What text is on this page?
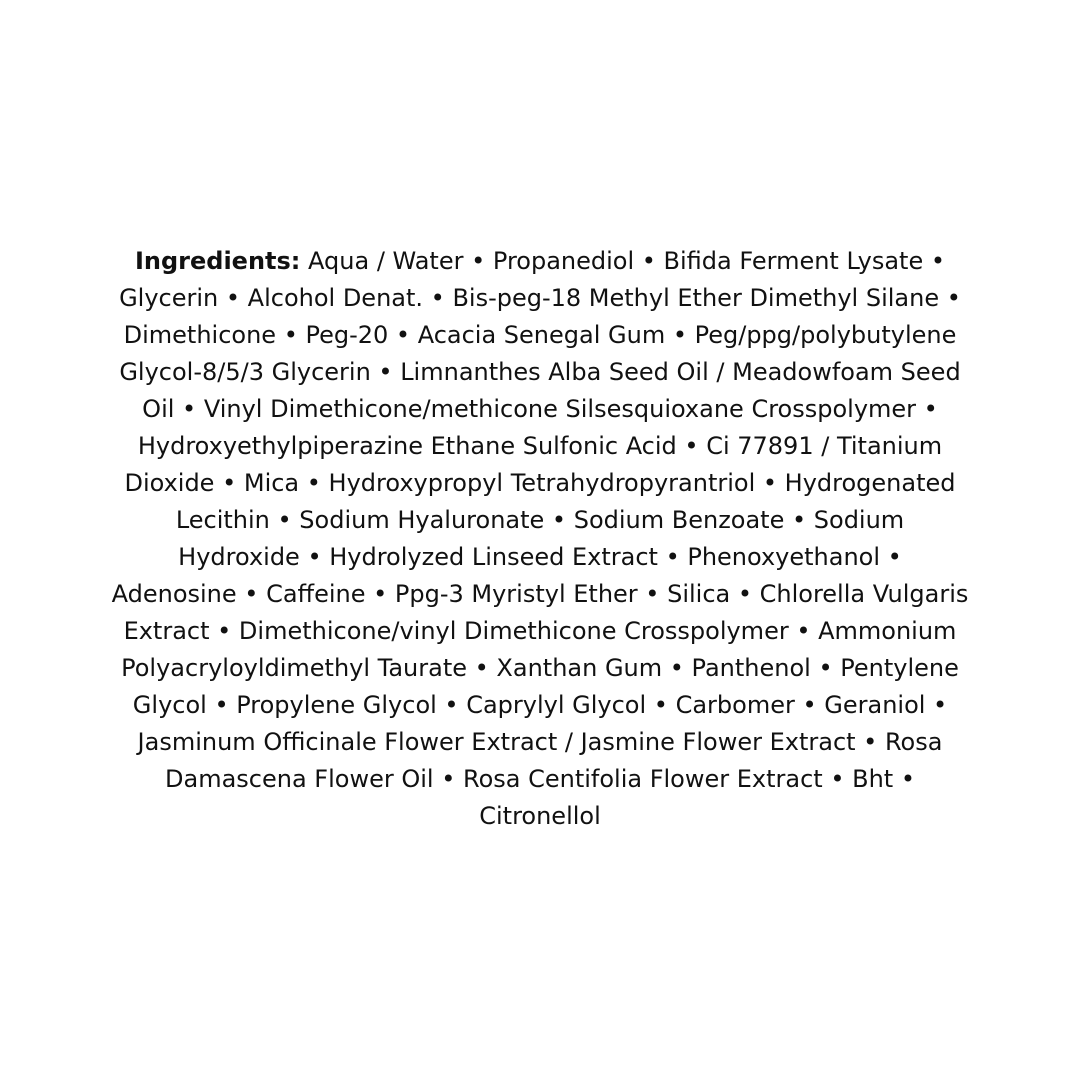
Ingredients: Aqua / Water • Propanediol • Bifida Ferment Lysate •
Glycerin • Alcohol Denat. • Bis-peg-18 Methyl Ether Dimethyl Silane •
Dimethicone • Peg-20 • Acacia Senegal Gum • Peg/ppg/polybutylene
Glycol-8/5/3 Glycerin • Limnanthes Alba Seed Oil / Meadowfoam Seed
Oil • Vinyl Dimethicone/methicone Silsesquioxane Crosspolymer •
Hydroxyethylpiperazine Ethane Sulfonic Acid • Ci 77891 / Titanium
Dioxide • Mica • Hydroxypropyl Tetrahydropyrantriol • Hydrogenated
Lecithin • Sodium Hyaluronate • Sodium Benzoate • Sodium
Hydroxide • Hydrolyzed Linseed Extract • Phenoxyethanol •
Adenosine • Caffeine • Ppg-3 Myristyl Ether • Silica • Chlorella Vulgaris
Extract • Dimethicone/vinyl Dimethicone Crosspolymer • Ammonium
Polyacryloyldimethyl Taurate • Xanthan Gum • Panthenol • Pentylene
Glycol • Propylene Glycol • Caprylyl Glycol • Carbomer • Geraniol •
Jasminum Officinale Flower Extract / Jasmine Flower Extract • Rosa
Damascena Flower Oil • Rosa Centifolia Flower Extract • Bht •
Citronellol
